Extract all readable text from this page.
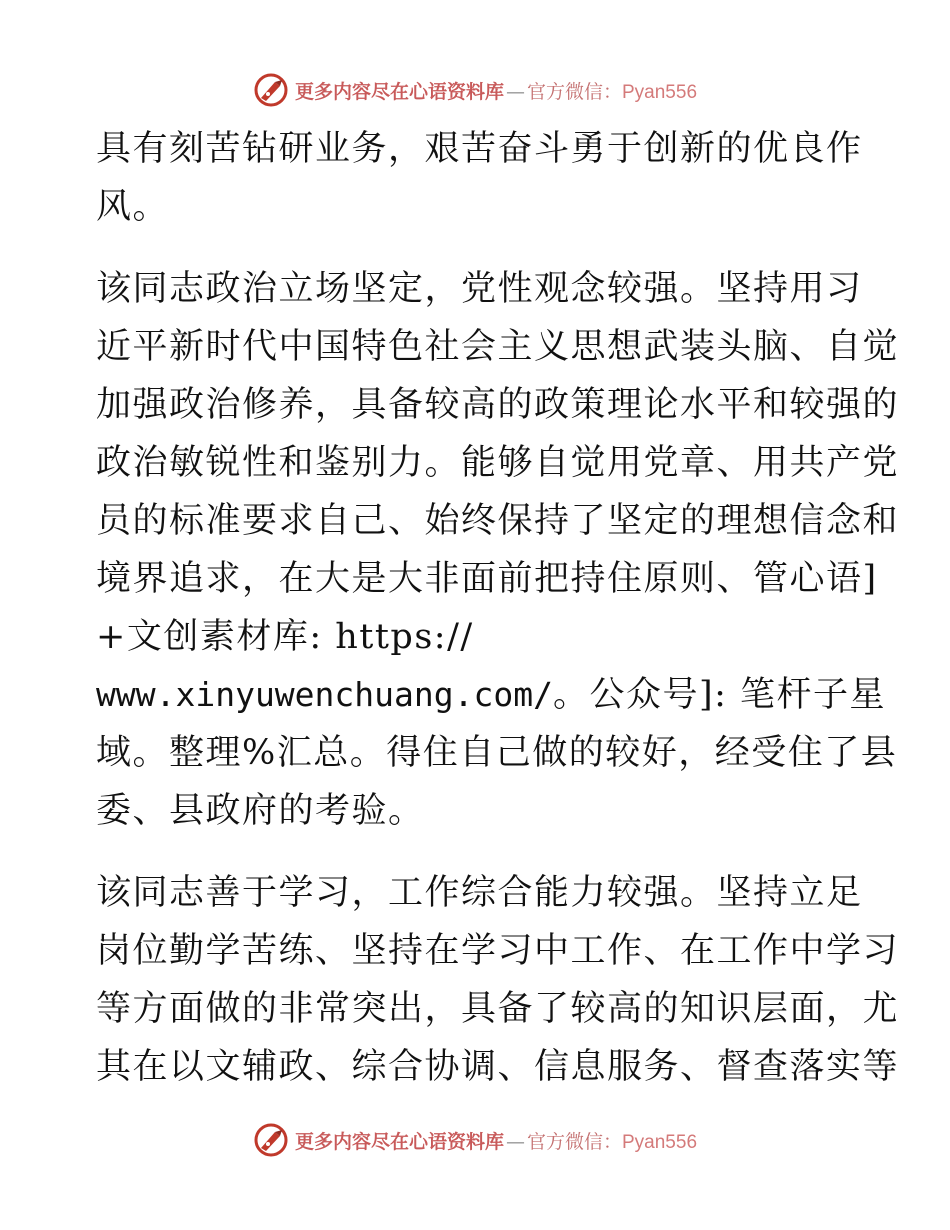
更多内容尽在心语资料库 — 官方微信：Pyan556
具有刻苦钻研业务，艰苦奋斗勇于创新的优良作
风。
该同志政治立场坚定，党性观念较强。坚持用习
近平新时代中国特色社会主义思想武装头脑、自觉
加强政治修养，具备较高的政策理论水平和较强的
政治敏锐性和鉴别力。能够自觉用党章、用共产党
员的标准要求自己、始终保持了坚定的理想信念和
境界追求，在大是大非面前把持住原则、管心语]
+文创素材库: https://
www.xinyuwenchuang.com/。公众号]: 笔杆子星
域。整理%汇总。得住自己做的较好，经受住了县
委、县政府的考验。
该同志善于学习，工作综合能力较强。坚持立足
岗位勤学苦练、坚持在学习中工作、在工作中学习
等方面做的非常突出，具备了较高的知识层面，尤
其在以文辅政、综合协调、信息服务、督查落实等
更多内容尽在心语资料库 — 官方微信：Pyan556
